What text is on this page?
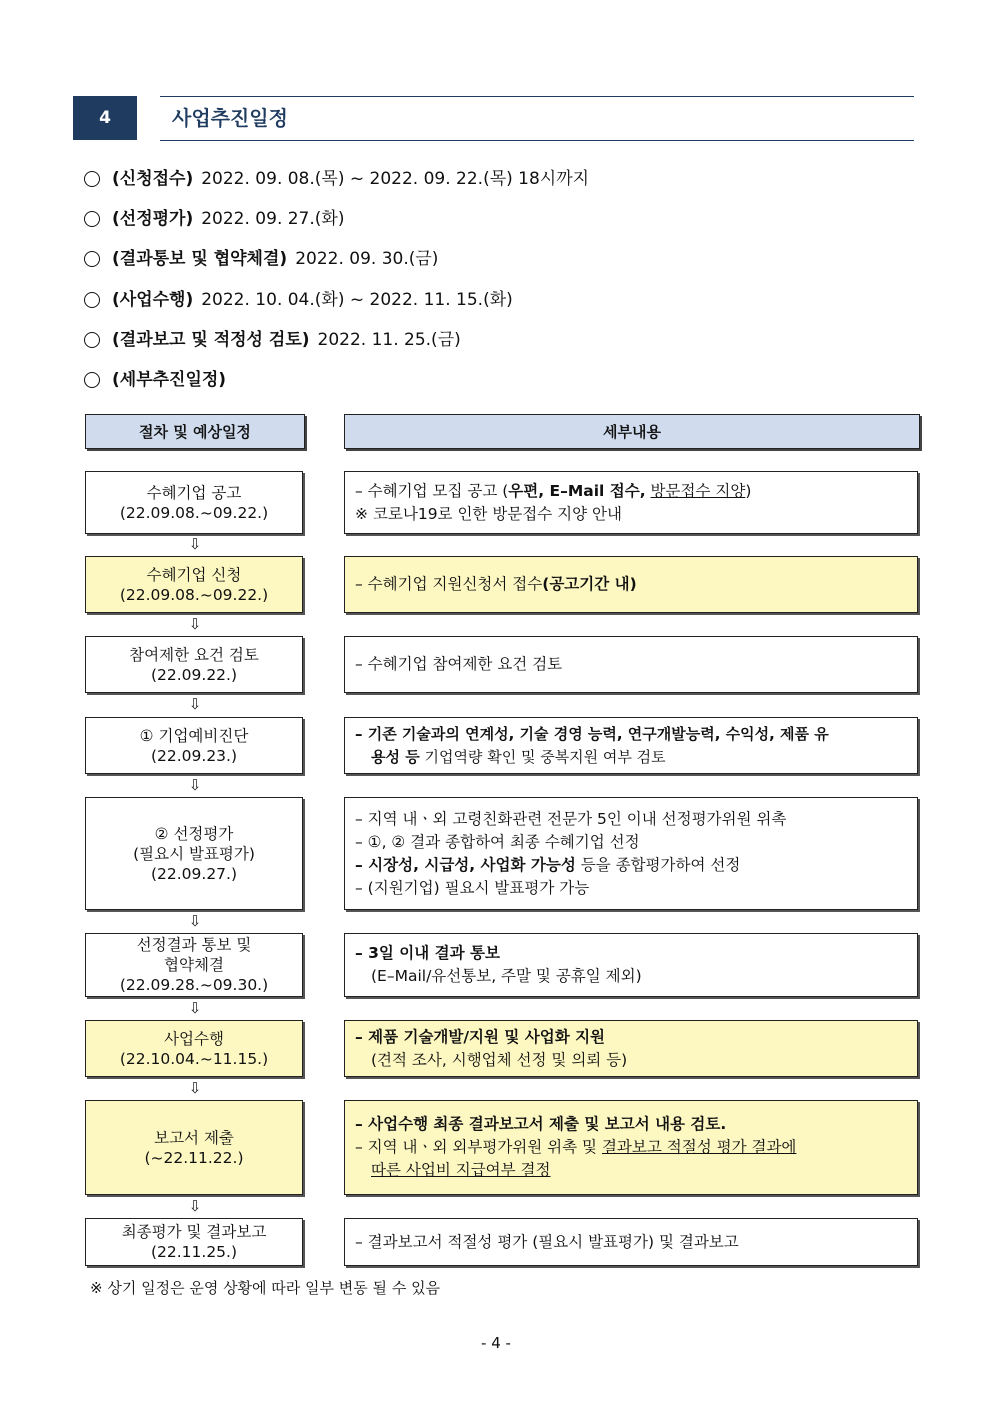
4	사업추진일정
(신청접수) 2022. 09. 08.(목) ~ 2022. 09. 22.(목) 18시까지
(선정평가) 2022. 09. 27.(화)
(결과통보 및 협약체결) 2022. 09. 30.(금)
(사업수행) 2022. 10. 04.(화) ~ 2022. 11. 15.(화)
(결과보고 및 적정성 검토) 2022. 11. 25.(금)
(세부추진일정)
절차 및 예상일정	세부내용
수혜기업 공고
(22.09.08.~09.22.)
– 수혜기업 모집 공고 (우편, E–Mail 접수, 방문접수 지양)
※ 코로나19로 인한 방문접수 지양 안내
⇩
수혜기업 신청
(22.09.08.~09.22.)
– 수혜기업 지원신청서 접수(공고기간 내)
⇩
참여제한 요건 검토
(22.09.22.)
– 수혜기업 참여제한 요건 검토
⇩
① 기업예비진단
(22.09.23.)
– 기존 기술과의 연계성, 기술 경영 능력, 연구개발능력, 수익성, 제품 유
용성 등 기업역량 확인 및 중복지원 여부 검토
⇩
② 선정평가
(필요시 발표평가)
(22.09.27.)
– 지역 내ㆍ외 고령친화관련 전문가 5인 이내 선정평가위원 위촉
– ①, ② 결과 종합하여 최종 수혜기업 선정
– 시장성, 시급성, 사업화 가능성 등을 종합평가하여 선정
– (지원기업) 필요시 발표평가 가능
⇩
선정결과 통보 및
협약체결
(22.09.28.~09.30.)
– 3일 이내 결과 통보
(E–Mail/유선통보, 주말 및 공휴일 제외)
⇩
사업수행
(22.10.04.~11.15.)
– 제품 기술개발/지원 및 사업화 지원
(견적 조사, 시행업체 선정 및 의뢰 등)
⇩
보고서 제출
(~22.11.22.)
– 사업수행 최종 결과보고서 제출 및 보고서 내용 검토.
– 지역 내ㆍ외 외부평가위원 위촉 및 결과보고 적절성 평가 결과에
따른 사업비 지급여부 결정
⇩
최종평가 및 결과보고
(22.11.25.)
– 결과보고서 적절성 평가 (필요시 발표평가) 및 결과보고
※ 상기 일정은 운영 상황에 따라 일부 변동 될 수 있음
- 4 -
